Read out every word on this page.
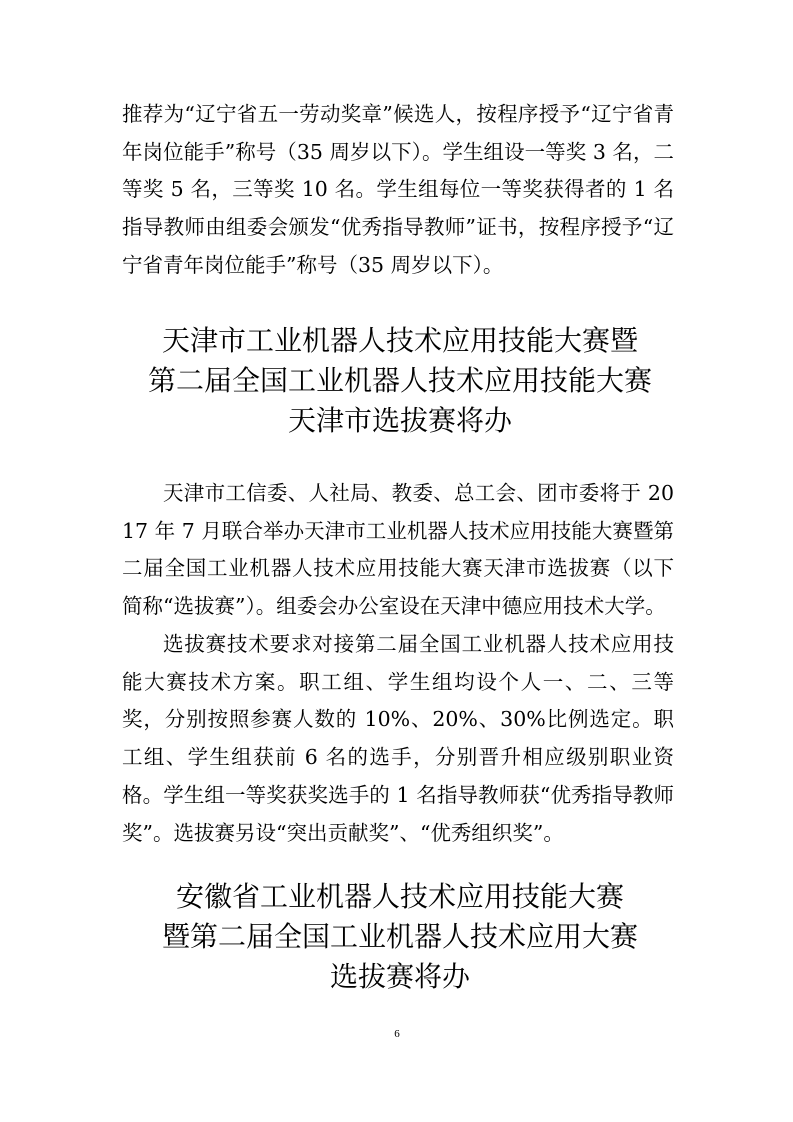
推荐为“辽宁省五一劳动奖章”候选人，按程序授予“辽宁省青年岗位能手”称号（35 周岁以下）。学生组设一等奖 3 名，二等奖 5 名，三等奖 10 名。学生组每位一等奖获得者的 1 名指导教师由组委会颁发“优秀指导教师”证书，按程序授予“辽宁省青年岗位能手”称号（35 周岁以下）。

天津市工业机器人技术应用技能大赛暨
第二届全国工业机器人技术应用技能大赛
天津市选拔赛将办

天津市工信委、人社局、教委、总工会、团市委将于 2017 年 7 月联合举办天津市工业机器人技术应用技能大赛暨第二届全国工业机器人技术应用技能大赛天津市选拔赛（以下简称“选拔赛”）。组委会办公室设在天津中德应用技术大学。

选拔赛技术要求对接第二届全国工业机器人技术应用技能大赛技术方案。职工组、学生组均设个人一、二、三等奖，分别按照参赛人数的 10%、20%、30%比例选定。职工组、学生组获前 6 名的选手，分别晋升相应级别职业资格。学生组一等奖获奖选手的 1 名指导教师获“优秀指导教师奖”。选拔赛另设“突出贡献奖”、“优秀组织奖”。

安徽省工业机器人技术应用技能大赛
暨第二届全国工业机器人技术应用大赛
选拔赛将办
6
